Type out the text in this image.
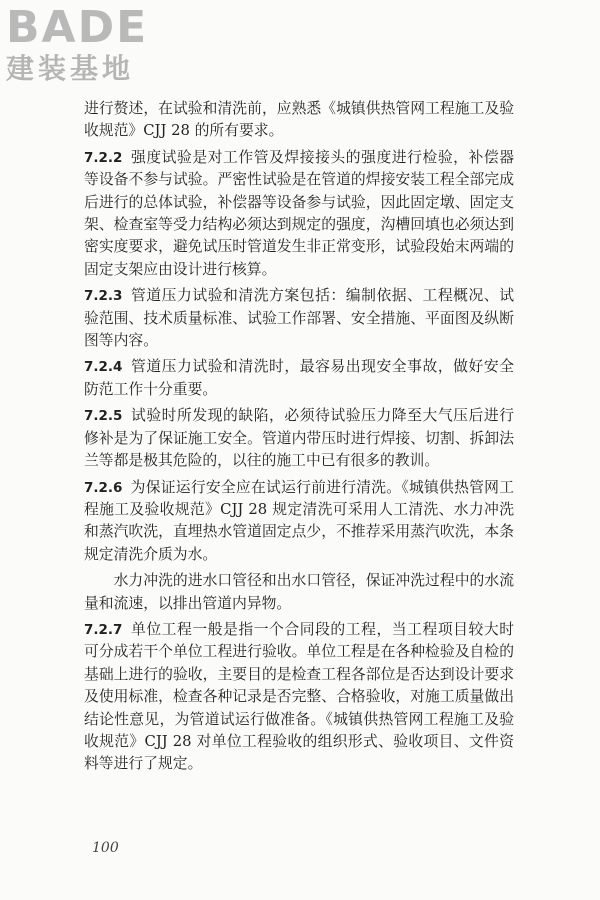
BADE
建装基地

进行赘述，在试验和清洗前，应熟悉《城镇供热管网工程施工及验收规范》CJJ 28 的所有要求。

7.2.2 强度试验是对工作管及焊接接头的强度进行检验，补偿器等设备不参与试验。严密性试验是在管道的焊接安装工程全部完成后进行的总体试验，补偿器等设备参与试验，因此固定墩、固定支架、检查室等受力结构必须达到规定的强度，沟槽回填也必须达到密实度要求，避免试压时管道发生非正常变形，试验段始末两端的固定支架应由设计进行核算。

7.2.3 管道压力试验和清洗方案包括：编制依据、工程概况、试验范围、技术质量标准、试验工作部署、安全措施、平面图及纵断图等内容。

7.2.4 管道压力试验和清洗时，最容易出现安全事故，做好安全防范工作十分重要。

7.2.5 试验时所发现的缺陷，必须待试验压力降至大气压后进行修补是为了保证施工安全。管道内带压时进行焊接、切割、拆卸法兰等都是极其危险的，以往的施工中已有很多的教训。

7.2.6 为保证运行安全应在试运行前进行清洗。《城镇供热管网工程施工及验收规范》CJJ 28 规定清洗可采用人工清洗、水力冲洗和蒸汽吹洗，直埋热水管道固定点少，不推荐采用蒸汽吹洗，本条规定清洗介质为水。

水力冲洗的进水口管径和出水口管径，保证冲洗过程中的水流量和流速，以排出管道内异物。

7.2.7 单位工程一般是指一个合同段的工程，当工程项目较大时可分成若干个单位工程进行验收。单位工程是在各种检验及自检的基础上进行的验收，主要目的是检查工程各部位是否达到设计要求及使用标准，检查各种记录是否完整、合格验收，对施工质量做出结论性意见，为管道试运行做准备。《城镇供热管网工程施工及验收规范》CJJ 28 对单位工程验收的组织形式、验收项目、文件资料等进行了规定。

100
